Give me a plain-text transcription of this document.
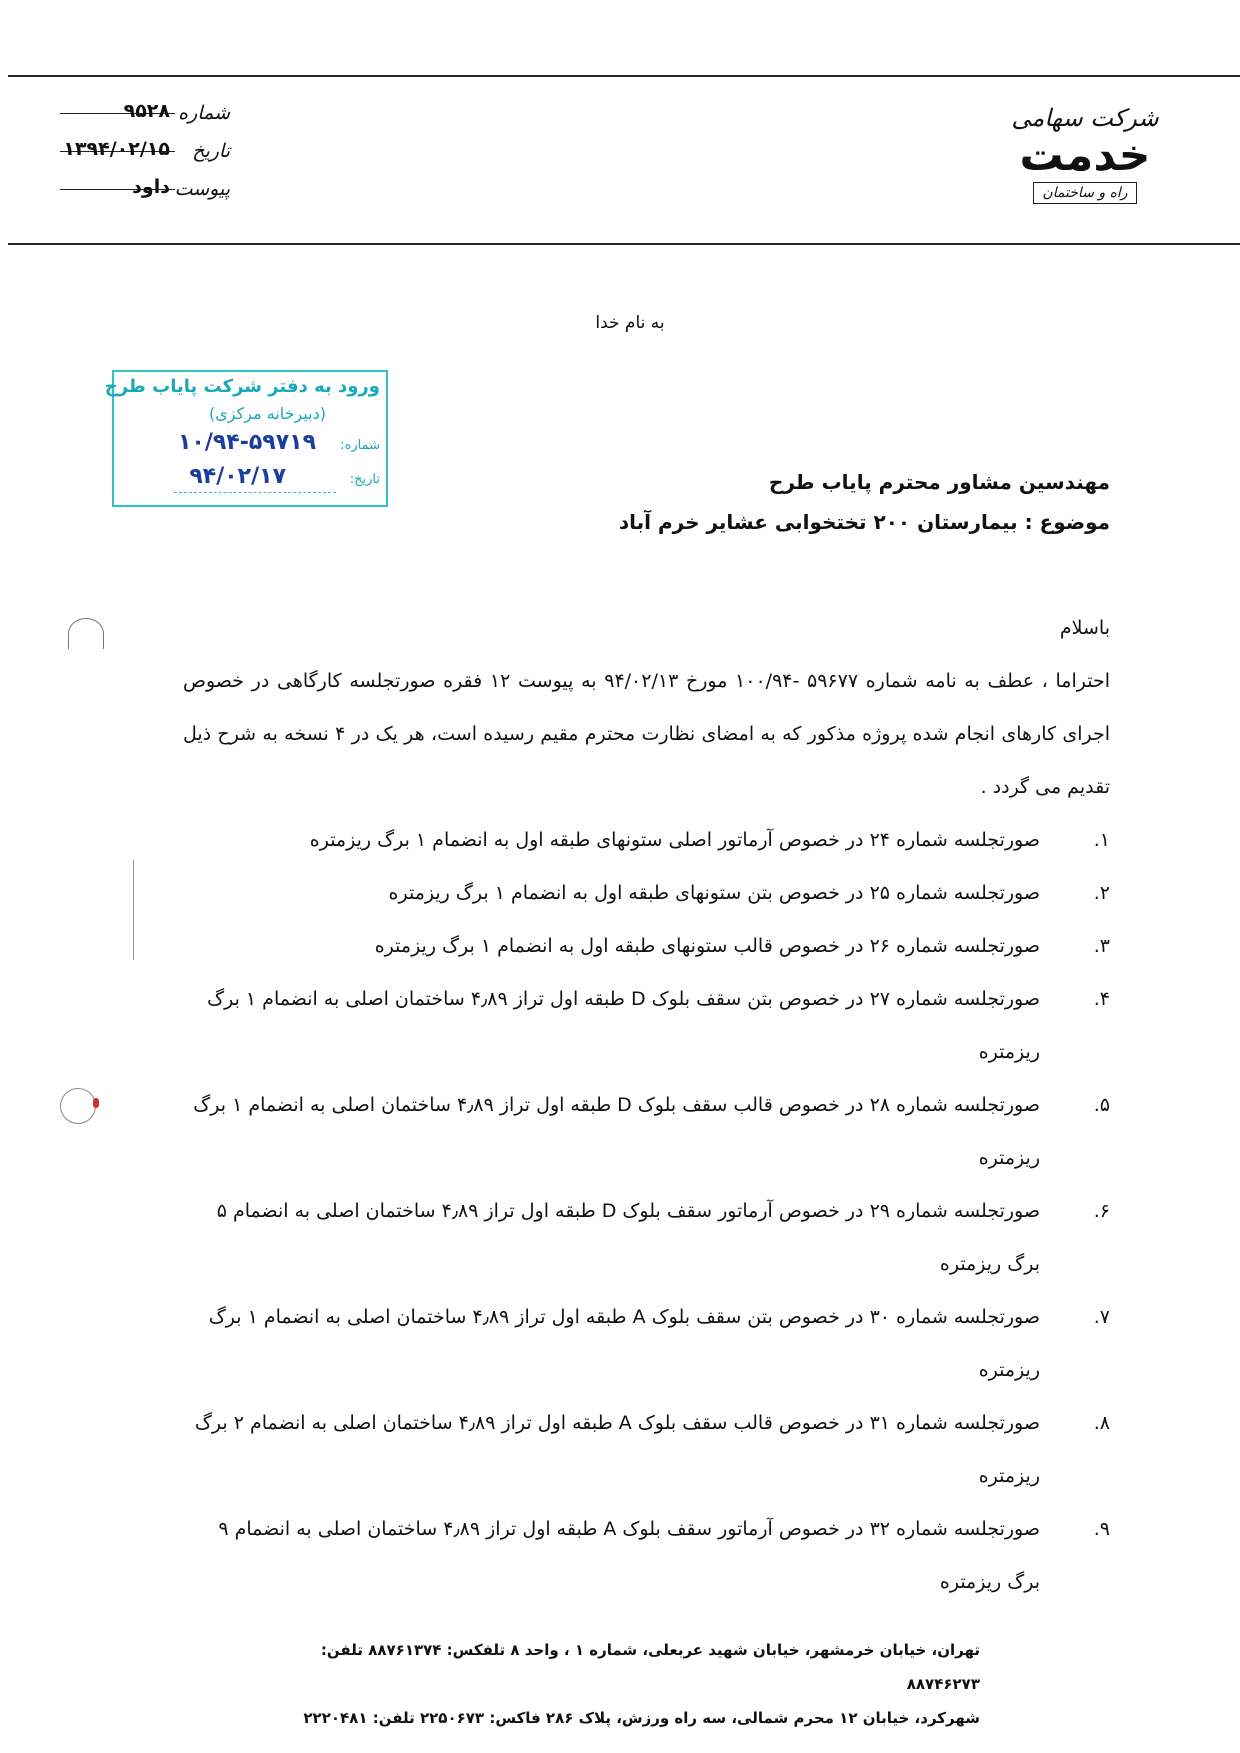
شماره
۹۵۲۸
تاریخ
۱۳۹۴/۰۲/۱۵
پیوست
داود
شرکت سهامی
خدمت
راه و ساختمان
به نام خدا
ورود به دفتر شرکت پایاب طرح
(دبیرخانه مرکزی)
شماره:
۱۰/۹۴-۵۹۷۱۹
تاریخ:
۹۴/۰۲/۱۷	مهندسین مشاور محترم پایاب طرح
موضوع : بیمارستان ۲۰۰ تختخوابی عشایر خرم آباد

باسلام

احتراما ، عطف به نامه شماره ۵۹۶۷۷ -۱۰۰/۹۴ مورخ ۹۴/۰۲/۱۳ به پیوست ۱۲ فقره صورتجلسه کارگاهی در خصوص اجرای کارهای انجام شده پروژه مذکور که به امضای نظارت محترم مقیم رسیده است، هر یک در ۴ نسخه به شرح ذیل تقدیم می گردد .

.۱
صورتجلسه شماره ۲۴ در خصوص آرماتور اصلی ستونهای طبقه اول به انضمام ۱ برگ ریزمتره
.۲
صورتجلسه شماره ۲۵ در خصوص بتن ستونهای طبقه اول به انضمام ۱ برگ ریزمتره
.۳
صورتجلسه شماره ۲۶ در خصوص قالب ستونهای طبقه اول به انضمام ۱ برگ ریزمتره
.۴
صورتجلسه شماره ۲۷ در خصوص بتن سقف بلوک D طبقه اول تراز ۴٫۸۹ ساختمان اصلی به انضمام ۱ برگ ریزمتره
.۵
صورتجلسه شماره ۲۸ در خصوص قالب سقف بلوک D طبقه اول تراز ۴٫۸۹ ساختمان اصلی به انضمام ۱ برگ ریزمتره
.۶
صورتجلسه شماره ۲۹ در خصوص آرماتور سقف بلوک D طبقه اول تراز ۴٫۸۹ ساختمان اصلی به انضمام ۵ برگ ریزمتره
.۷
صورتجلسه شماره ۳۰ در خصوص بتن سقف بلوک A طبقه اول تراز ۴٫۸۹ ساختمان اصلی به انضمام ۱ برگ ریزمتره
.۸
صورتجلسه شماره ۳۱ در خصوص قالب سقف بلوک A طبقه اول تراز ۴٫۸۹ ساختمان اصلی به انضمام ۲ برگ ریزمتره
.۹
صورتجلسه شماره ۳۲ در خصوص آرماتور سقف بلوک A طبقه اول تراز ۴٫۸۹ ساختمان اصلی به انضمام ۹ برگ ریزمتره
تهران، خیابان خرمشهر، خیابان شهید عربعلی، شماره ۱ ، واحد ۸ تلفکس: ۸۸۷۶۱۳۷۴ تلفن: ۸۸۷۴۶۲۷۳
شهرکرد، خیابان ۱۲ محرم شمالی، سه راه ورزش، پلاک ۲۸۶ فاکس: ۲۲۵۰۶۷۳ تلفن: ۲۲۲۰۴۸۱
